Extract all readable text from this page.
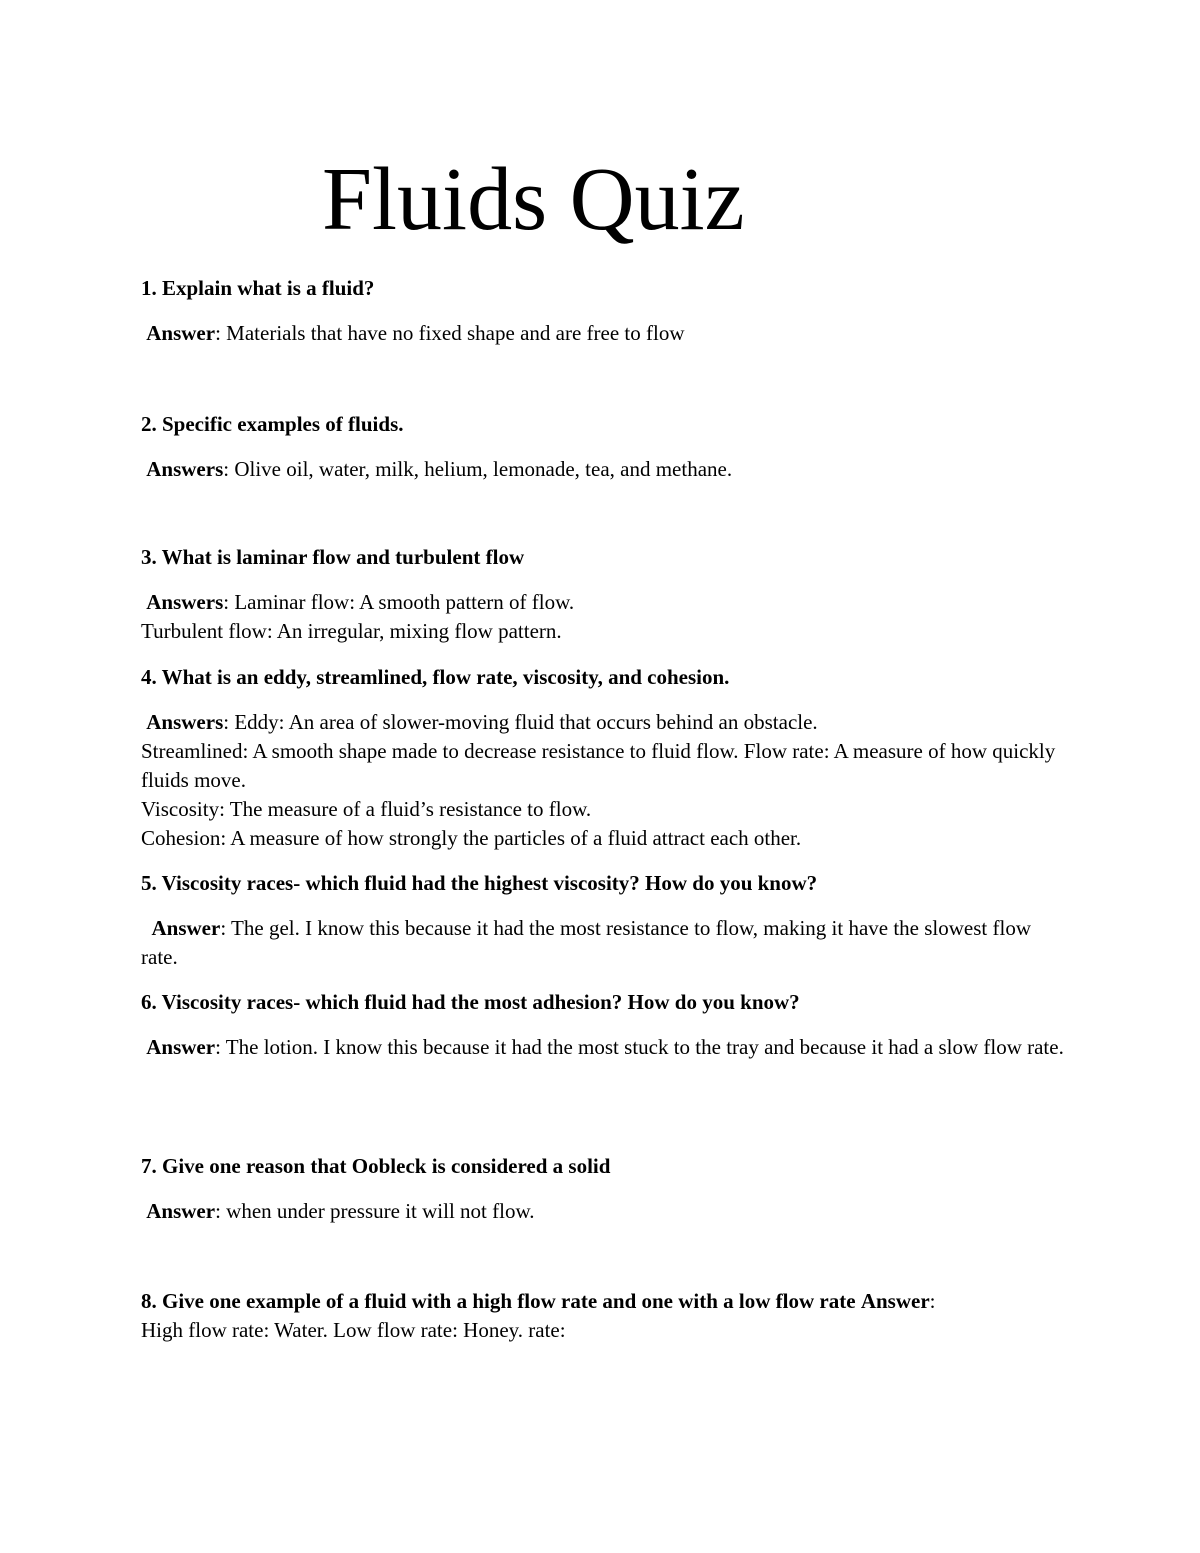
Fluids Quiz
1. Explain what is a fluid?
Answer: Materials that have no fixed shape and are free to flow
2. Specific examples of fluids.
Answers: Olive oil, water, milk, helium, lemonade, tea, and methane.
3. What is laminar flow and turbulent flow
Answers: Laminar flow: A smooth pattern of flow.
Turbulent flow: An irregular, mixing flow pattern.
4. What is an eddy, streamlined, flow rate, viscosity, and cohesion.
Answers: Eddy: An area of slower-moving fluid that occurs behind an obstacle.
Streamlined: A smooth shape made to decrease resistance to fluid flow. Flow rate: A measure of how quickly fluids move.
Viscosity: The measure of a fluid’s resistance to flow.
Cohesion: A measure of how strongly the particles of a fluid attract each other.
5. Viscosity races- which fluid had the highest viscosity? How do you know?
Answer: The gel. I know this because it had the most resistance to flow, making it have the slowest flow rate.
6. Viscosity races- which fluid had the most adhesion? How do you know?
Answer: The lotion. I know this because it had the most stuck to the tray and because it had a slow flow rate.
7. Give one reason that Oobleck is considered a solid
Answer: when under pressure it will not flow.
8. Give one example of a fluid with a high flow rate and one with a low flow rate Answer:
High flow rate: Water. Low flow rate: Honey. rate:
